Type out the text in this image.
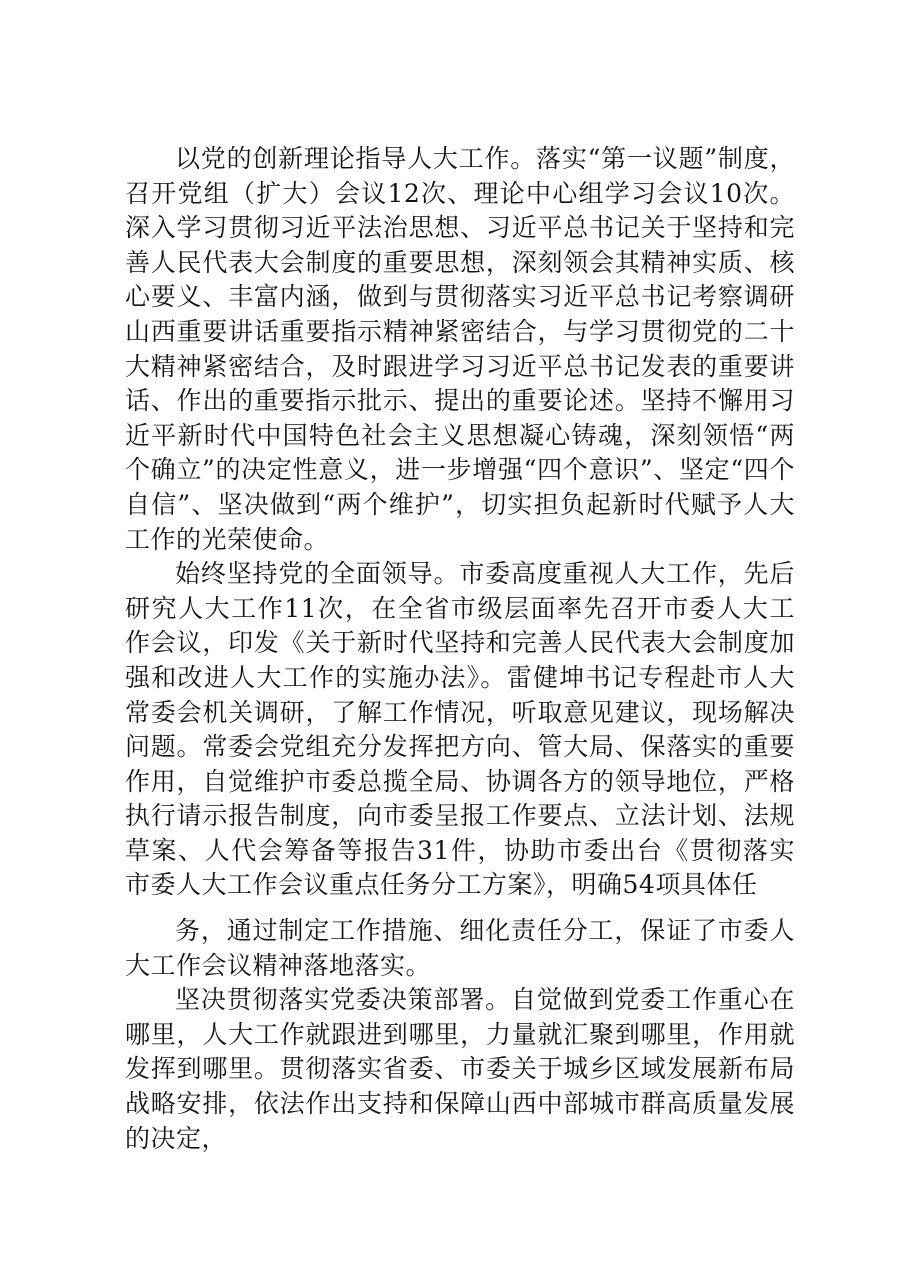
以党的创新理论指导人大工作。落实“第一议题”制度，召开党组（扩大）会议12次、理论中心组学习会议10次。深入学习贯彻习近平法治思想、习近平总书记关于坚持和完善人民代表大会制度的重要思想，深刻领会其精神实质、核心要义、丰富内涵，做到与贯彻落实习近平总书记考察调研山西重要讲话重要指示精神紧密结合，与学习贯彻党的二十大精神紧密结合，及时跟进学习习近平总书记发表的重要讲话、作出的重要指示批示、提出的重要论述。坚持不懈用习近平新时代中国特色社会主义思想凝心铸魂，深刻领悟“两个确立”的决定性意义，进一步增强“四个意识”、坚定“四个自信”、坚决做到“两个维护”，切实担负起新时代赋予人大工作的光荣使命。

始终坚持党的全面领导。市委高度重视人大工作，先后研究人大工作11次，在全省市级层面率先召开市委人大工作会议，印发《关于新时代坚持和完善人民代表大会制度加强和改进人大工作的实施办法》。雷健坤书记专程赴市人大常委会机关调研，了解工作情况，听取意见建议，现场解决问题。常委会党组充分发挥把方向、管大局、保落实的重要作用，自觉维护市委总揽全局、协调各方的领导地位，严格执行请示报告制度，向市委呈报工作要点、立法计划、法规草案、人代会筹备等报告31件，协助市委出台《贯彻落实市委人大工作会议重点任务分工方案》，明确54项具体任

务，通过制定工作措施、细化责任分工，保证了市委人大工作会议精神落地落实。

坚决贯彻落实党委决策部署。自觉做到党委工作重心在哪里，人大工作就跟进到哪里，力量就汇聚到哪里，作用就发挥到哪里。贯彻落实省委、市委关于城乡区域发展新布局战略安排，依法作出支持和保障山西中部城市群高质量发展的决定，
